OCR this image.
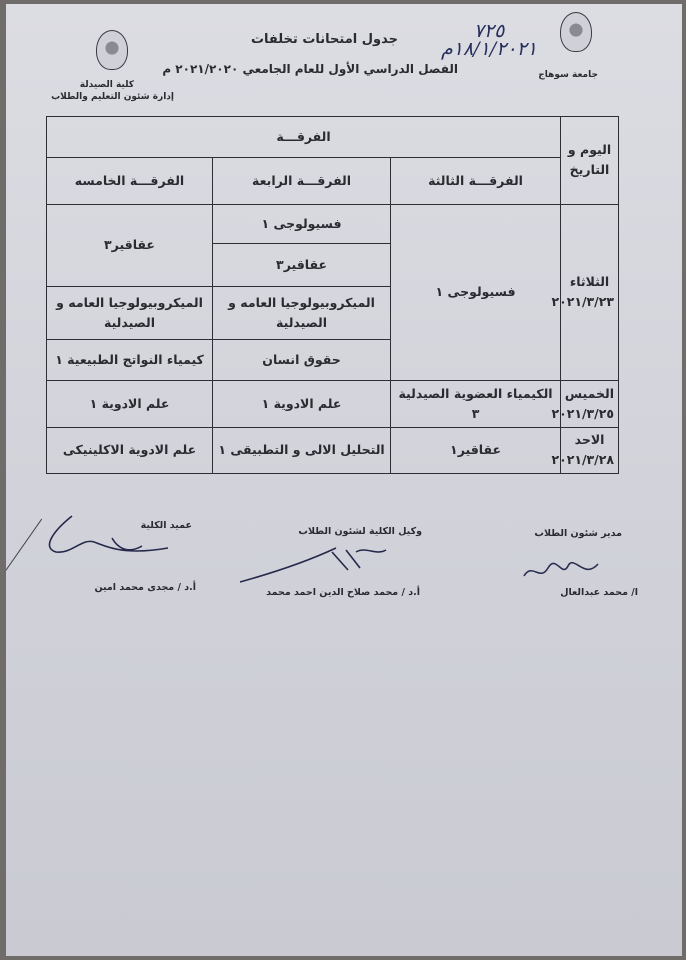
جامعة سوهاج
كلية الصيدلة
إدارة شئون التعليم والطلاب
جدول امتحانات تخلفات
الفصل الدراسي الأول للعام الجامعي ٢٠٢١/٢٠٢٠ م
٧٢٥
١٨/١/٢٠٢١م
اليوم و التاريخ	الفرقـــة		
	الفرقـــة الثالثة	الفرقـــة الرابعة	الفرقـــة الخامسه

الثلاثاء
٢٠٢١/٣/٢٣	فسيولوجى ١	فسيولوجى ١	عقاقير٣
		عقاقير٣	
		الميكروبيولوجيا العامه و الصيدلية	الميكروبيولوجيا العامه و الصيدلية
		حقوق انسان	كيمياء النواتج الطبيعية ١

الخميس
٢٠٢١/٣/٢٥	الكيمياء العضوية الصيدلية ٣	علم الادوية ١	علم الادوية ١

الاحد
٢٠٢١/٣/٢٨	عقاقير١	التحليل الالى و التطبيقى ١	علم الادوية الاكلينيكى
مدير شئون الطلاب
وكيل الكلية لشئون الطلاب
عميد الكلية
ا/ محمد عبدالعال
أ.د / محمد صلاح الدين احمد محمد
أ.د / مجدى محمد امين
